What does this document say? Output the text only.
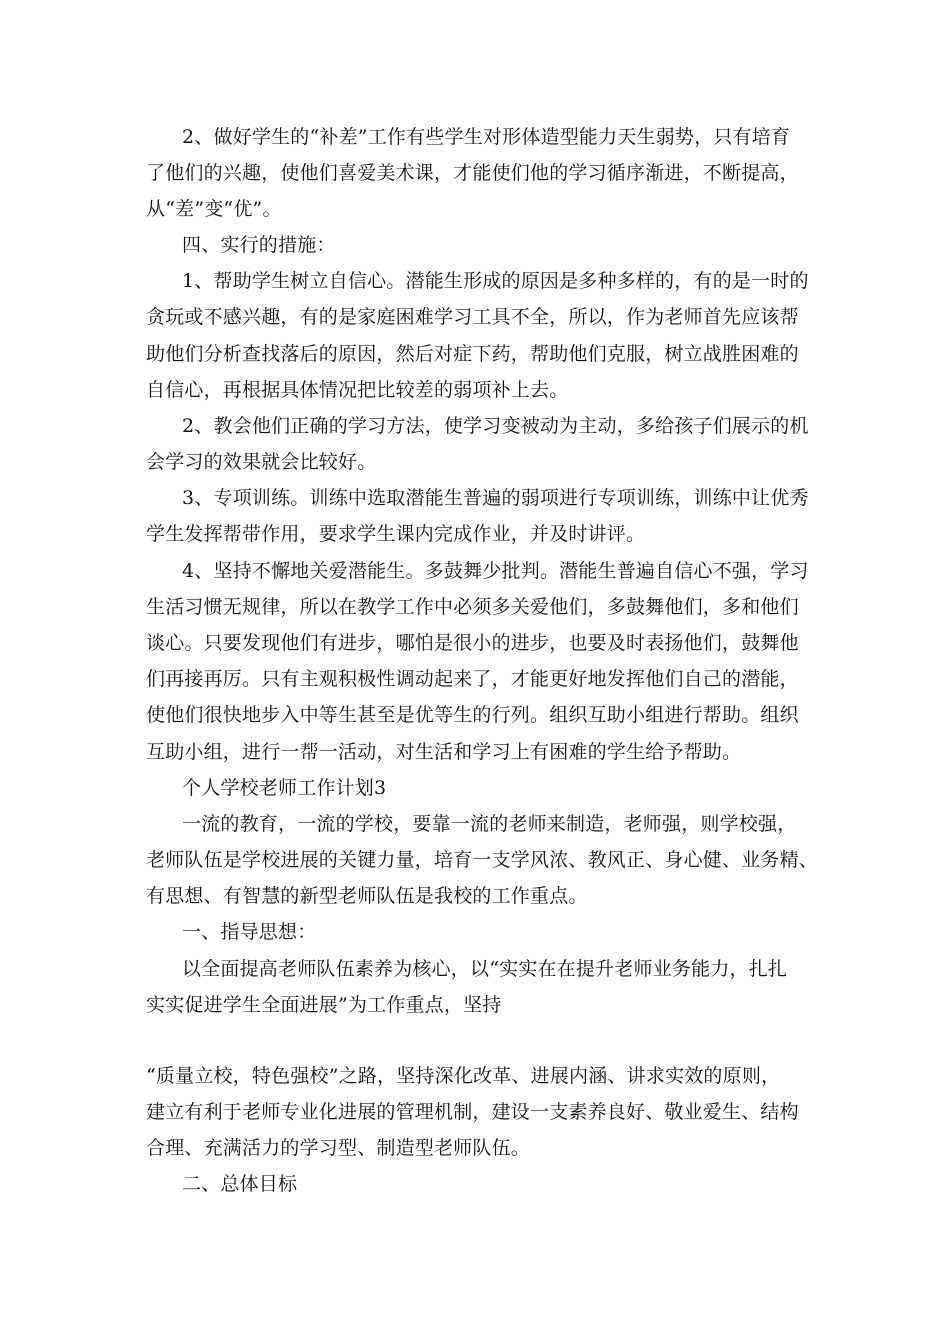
2、做好学生的“补差”工作有些学生对形体造型能力天生弱势，只有培育
了他们的兴趣，使他们喜爱美术课，才能使们他的学习循序渐进，不断提高，
从“差”变“优”。
四、实行的措施：
1、帮助学生树立自信心。潜能生形成的原因是多种多样的，有的是一时的
贪玩或不感兴趣，有的是家庭困难学习工具不全，所以，作为老师首先应该帮
助他们分析查找落后的原因，然后对症下药，帮助他们克服，树立战胜困难的
自信心，再根据具体情况把比较差的弱项补上去。
2、教会他们正确的学习方法，使学习变被动为主动，多给孩子们展示的机
会学习的效果就会比较好。
3、专项训练。训练中选取潜能生普遍的弱项进行专项训练，训练中让优秀
学生发挥帮带作用，要求学生课内完成作业，并及时讲评。
4、坚持不懈地关爱潜能生。多鼓舞少批判。潜能生普遍自信心不强，学习
生活习惯无规律，所以在教学工作中必须多关爱他们，多鼓舞他们，多和他们
谈心。只要发现他们有进步，哪怕是很小的进步，也要及时表扬他们，鼓舞他
们再接再厉。只有主观积极性调动起来了，才能更好地发挥他们自己的潜能，
使他们很快地步入中等生甚至是优等生的行列。组织互助小组进行帮助。组织
互助小组，进行一帮一活动，对生活和学习上有困难的学生给予帮助。
个人学校老师工作计划3
一流的教育，一流的学校，要靠一流的老师来制造，老师强，则学校强，
老师队伍是学校进展的关键力量，培育一支学风浓、教风正、身心健、业务精、
有思想、有智慧的新型老师队伍是我校的工作重点。
一、指导思想：
以全面提高老师队伍素养为核心，以“实实在在提升老师业务能力，扎扎
实实促进学生全面进展”为工作重点，坚持
“质量立校，特色强校”之路，坚持深化改革、进展内涵、讲求实效的原则，
建立有利于老师专业化进展的管理机制，建设一支素养良好、敬业爱生、结构
合理、充满活力的学习型、制造型老师队伍。
二、总体目标
